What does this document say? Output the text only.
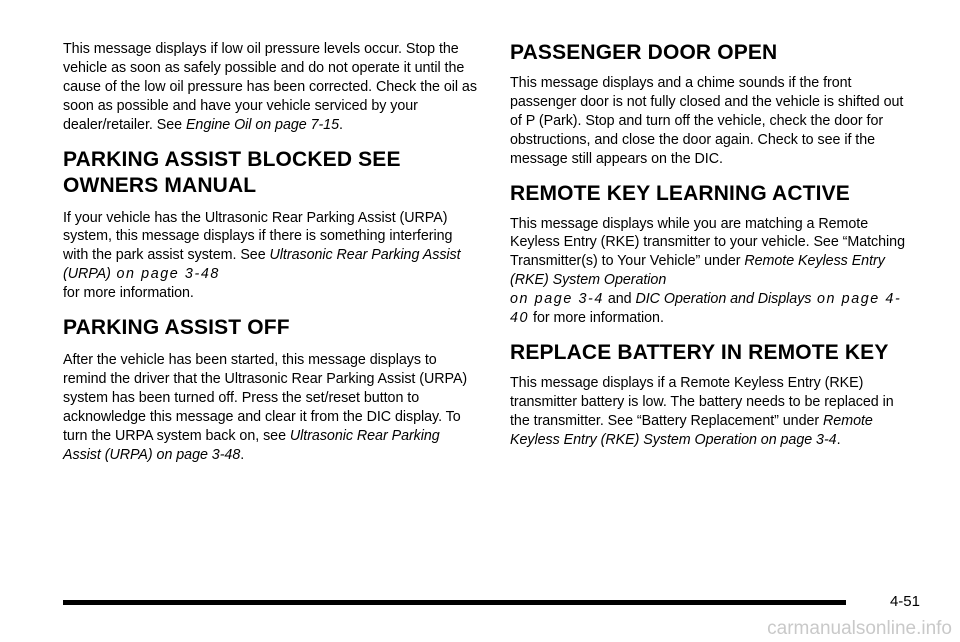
This message displays if low oil pressure levels occur. Stop the vehicle as soon as safely possible and do not operate it until the cause of the low oil pressure has been corrected. Check the oil as soon as possible and have your vehicle serviced by your dealer/retailer. See Engine Oil on page 7-15.

PARKING ASSIST BLOCKED SEE OWNERS MANUAL

If your vehicle has the Ultrasonic Rear Parking Assist (URPA) system, this message displays if there is something interfering with the park assist system. See Ultrasonic Rear Parking Assist (URPA) on page 3-48
for more information.

PARKING ASSIST OFF

After the vehicle has been started, this message displays to remind the driver that the Ultrasonic Rear Parking Assist (URPA) system has been turned off. Press the set/reset button to acknowledge this message and clear it from the DIC display. To turn the URPA system back on, see Ultrasonic Rear Parking Assist (URPA) on page 3-48.

PASSENGER DOOR OPEN

This message displays and a chime sounds if the front passenger door is not fully closed and the vehicle is shifted out of P (Park). Stop and turn off the vehicle, check the door for obstructions, and close the door again. Check to see if the message still appears on the DIC.

REMOTE KEY LEARNING ACTIVE

This message displays while you are matching a Remote Keyless Entry (RKE) transmitter to your vehicle. See “Matching Transmitter(s) to Your Vehicle” under Remote Keyless Entry (RKE) System Operation
on page 3-4 and DIC Operation and Displays on page 4-40 for more information.

REPLACE BATTERY IN REMOTE KEY

This message displays if a Remote Keyless Entry (RKE) transmitter battery is low. The battery needs to be replaced in the transmitter. See “Battery Replacement” under Remote Keyless Entry (RKE) System Operation on page 3-4.

4-51
carmanualsonline.info
